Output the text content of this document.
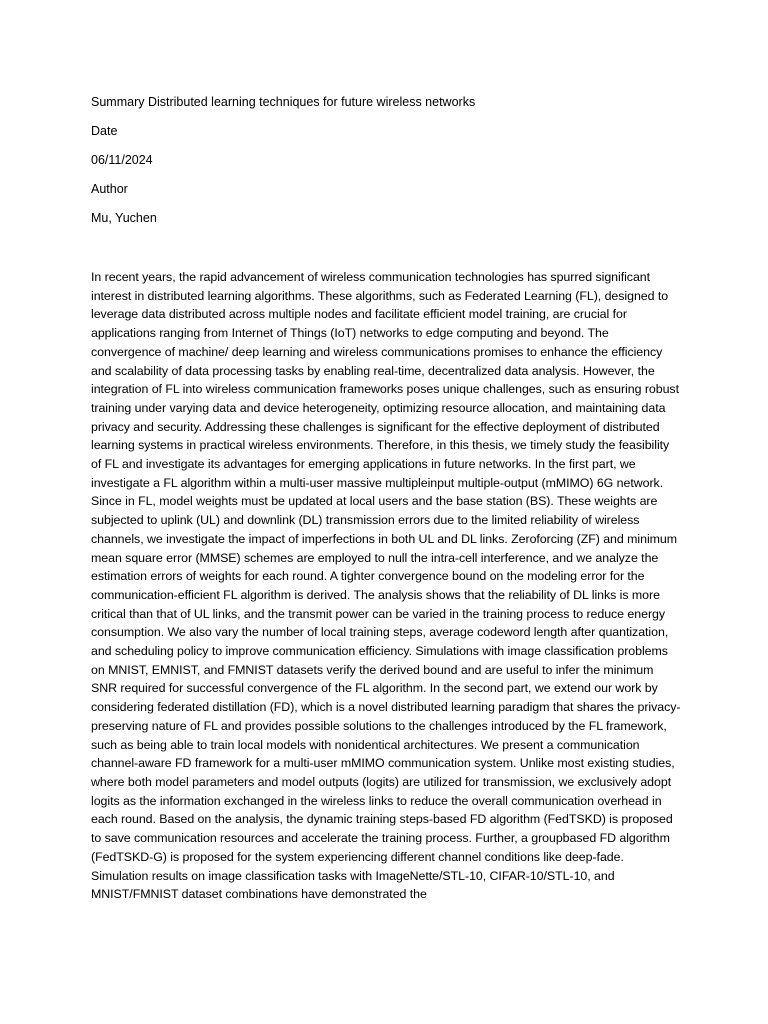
Summary Distributed learning techniques for future wireless networks
Date
06/11/2024
Author
Mu, Yuchen

In recent years, the rapid advancement of wireless communication technologies has spurred significant interest in distributed learning algorithms. These algorithms, such as Federated Learning (FL), designed to leverage data distributed across multiple nodes and facilitate efficient model training, are crucial for applications ranging from Internet of Things (IoT) networks to edge computing and beyond. The convergence of machine/ deep learning and wireless communications promises to enhance the efficiency and scalability of data processing tasks by enabling real-time, decentralized data analysis. However, the integration of FL into wireless communication frameworks poses unique challenges, such as ensuring robust training under varying data and device heterogeneity, optimizing resource allocation, and maintaining data privacy and security. Addressing these challenges is significant for the effective deployment of distributed learning systems in practical wireless environments. Therefore, in this thesis, we timely study the feasibility of FL and investigate its advantages for emerging applications in future networks. In the first part, we investigate a FL algorithm within a multi-user massive multipleinput multiple-output (mMIMO) 6G network. Since in FL, model weights must be updated at local users and the base station (BS). These weights are subjected to uplink (UL) and downlink (DL) transmission errors due to the limited reliability of wireless channels, we investigate the impact of imperfections in both UL and DL links. Zeroforcing (ZF) and minimum mean square error (MMSE) schemes are employed to null the intra-cell interference, and we analyze the estimation errors of weights for each round. A tighter convergence bound on the modeling error for the communication-efficient FL algorithm is derived. The analysis shows that the reliability of DL links is more critical than that of UL links, and the transmit power can be varied in the training process to reduce energy consumption. We also vary the number of local training steps, average codeword length after quantization, and scheduling policy to improve communication efficiency. Simulations with image classification problems on MNIST, EMNIST, and FMNIST datasets verify the derived bound and are useful to infer the minimum SNR required for successful convergence of the FL algorithm. In the second part, we extend our work by considering federated distillation (FD), which is a novel distributed learning paradigm that shares the privacy-preserving nature of FL and provides possible solutions to the challenges introduced by the FL framework, such as being able to train local models with nonidentical architectures. We present a communication channel-aware FD framework for a multi-user mMIMO communication system. Unlike most existing studies, where both model parameters and model outputs (logits) are utilized for transmission, we exclusively adopt logits as the information exchanged in the wireless links to reduce the overall communication overhead in each round. Based on the analysis, the dynamic training steps-based FD algorithm (FedTSKD) is proposed to save communication resources and accelerate the training process. Further, a groupbased FD algorithm (FedTSKD-G) is proposed for the system experiencing different channel conditions like deep-fade. Simulation results on image classification tasks with ImageNette/STL-10, CIFAR-10/STL-10, and MNIST/FMNIST dataset combinations have demonstrated the
